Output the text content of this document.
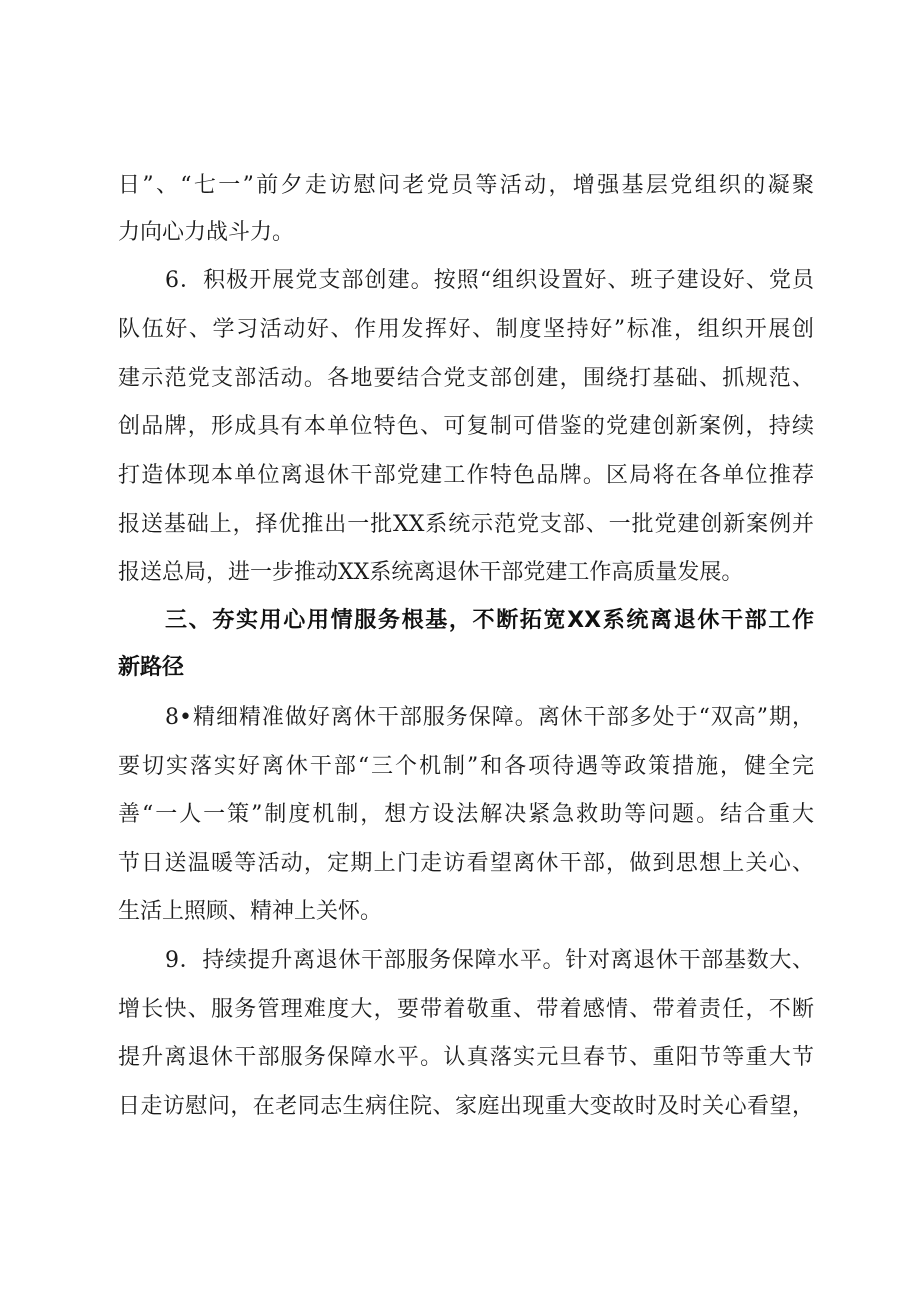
日”、“七一”前夕走访慰问老党员等活动，增强基层党组织的凝聚
力向心力战斗力。
6．积极开展党支部创建。按照“组织设置好、班子建设好、党员
队伍好、学习活动好、作用发挥好、制度坚持好”标准，组织开展创
建示范党支部活动。各地要结合党支部创建，围绕打基础、抓规范、
创品牌，形成具有本单位特色、可复制可借鉴的党建创新案例，持续
打造体现本单位离退休干部党建工作特色品牌。区局将在各单位推荐
报送基础上，择优推出一批XX系统示范党支部、一批党建创新案例并
报送总局，进一步推动XX系统离退休干部党建工作高质量发展。
三、夯实用心用情服务根基，不断拓宽XX系统离退休干部工作
新路径
8•精细精准做好离休干部服务保障。离休干部多处于“双高”期，
要切实落实好离休干部“三个机制”和各项待遇等政策措施，健全完
善“一人一策”制度机制，想方设法解决紧急救助等问题。结合重大
节日送温暖等活动，定期上门走访看望离休干部，做到思想上关心、
生活上照顾、精神上关怀。
9．持续提升离退休干部服务保障水平。针对离退休干部基数大、
增长快、服务管理难度大，要带着敬重、带着感情、带着责任，不断
提升离退休干部服务保障水平。认真落实元旦春节、重阳节等重大节
日走访慰问，在老同志生病住院、家庭出现重大变故时及时关心看望，
